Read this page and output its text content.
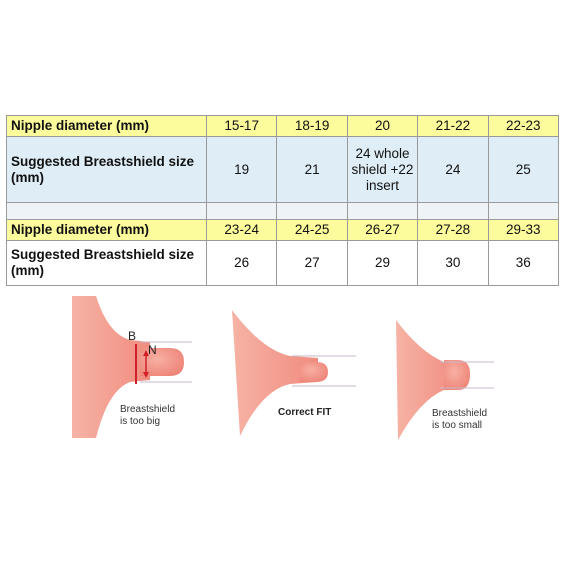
Nipple diameter (mm)	15-17	18-19	20	21-22	22-23
Suggested Breastshield size (mm)	19	21	24 whole shield +22 insert	24	25

Nipple diameter (mm)	23-24	24-25	26-27	27-28	29-33
Suggested Breastshield size (mm)	26	27	29	30	36
B
N
Breastshield
is too big
Correct FIT	Breastshield
is too small
